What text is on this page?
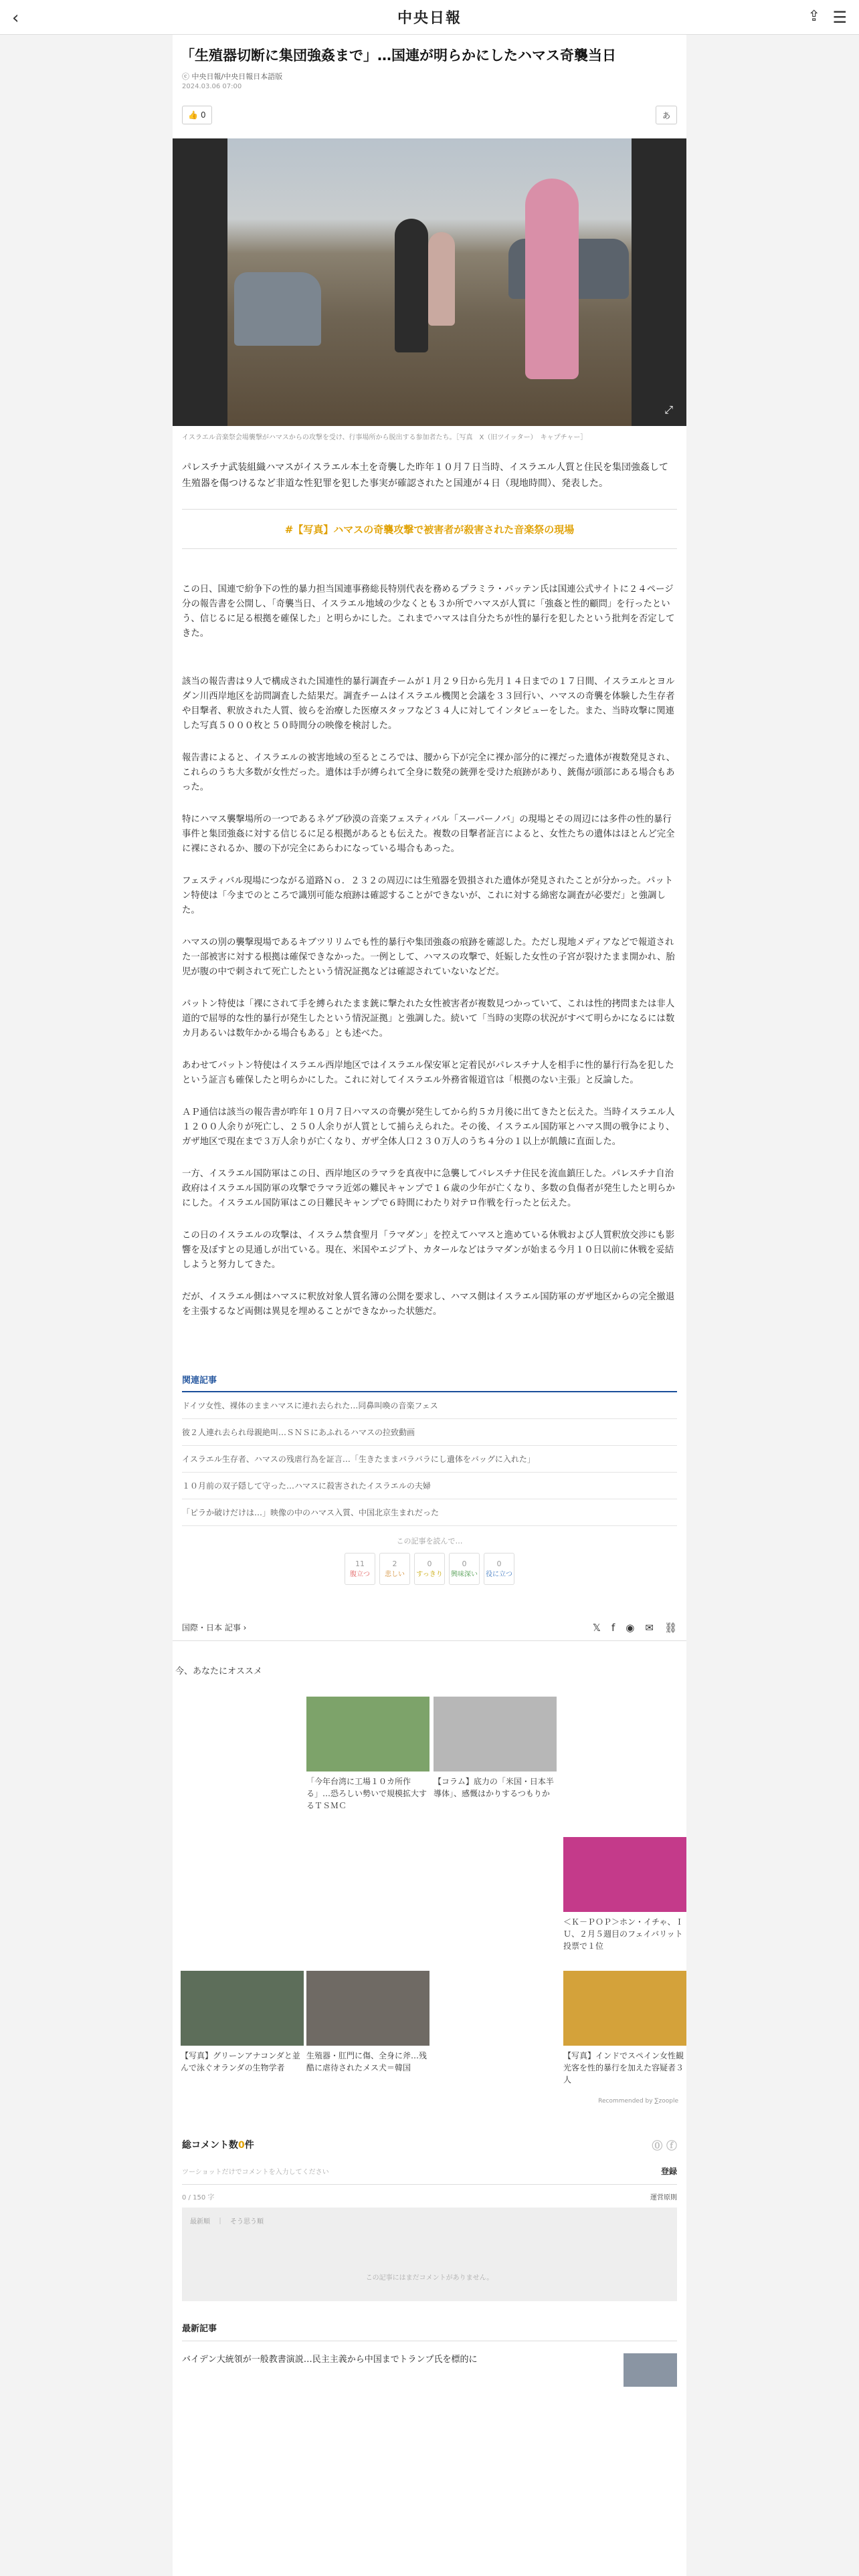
‹	中央日報	⇪ ☰
「生殖器切断に集団強姦まで」…国連が明らかにしたハマス奇襲当日
ⓒ 中央日報/中央日報日本語版
2024.03.06 07:00
👍 0	あ
⤢
イスラエル音楽祭会場襲撃がハマスからの攻撃を受け、行事場所から脱出する参加者たち。［写真　X（旧ツイッター）　キャプチャー］
パレスチナ武装組織ハマスがイスラエル本土を奇襲した昨年１０月７日当時、イスラエル人質と住民を集団強姦して生殖器を傷つけるなど非道な性犯罪を犯した事実が確認されたと国連が４日（現地時間）、発表した。
#【写真】ハマスの奇襲攻撃で被害者が殺害された音楽祭の現場

この日、国連で紛争下の性的暴力担当国連事務総長特別代表を務めるプラミラ・パッテン氏は国連公式サイトに２４ページ分の報告書を公開し、「奇襲当日、イスラエル地域の少なくとも３か所でハマスが人質に「強姦と性的顧問」を行ったという、信じるに足る根拠を確保した」と明らかにした。これまでハマスは自分たちが性的暴行を犯したという批判を否定してきた。

該当の報告書は９人で構成された国連性的暴行調査チームが１月２９日から先月１４日までの１７日間、イスラエルとヨルダン川西岸地区を訪問調査した結果だ。調査チームはイスラエル機関と会議を３３回行い、ハマスの奇襲を体験した生存者や目撃者、釈放された人質、彼らを治療した医療スタッフなど３４人に対してインタビューをした。また、当時攻撃に関連した写真５０００枚と５０時間分の映像を検討した。

報告書によると、イスラエルの被害地域の至るところでは、腰から下が完全に裸か部分的に裸だった遺体が複数発見され、これらのうち大多数が女性だった。遺体は手が縛られて全身に数発の銃弾を受けた痕跡があり、銃傷が頭部にある場合もあった。

特にハマス襲撃場所の一つであるネゲブ砂漠の音楽フェスティバル「スーパーノバ」の現場とその周辺には多件の性的暴行事件と集団強姦に対する信じるに足る根拠があるとも伝えた。複数の目撃者証言によると、女性たちの遺体はほとんど完全に裸にされるか、腰の下が完全にあらわになっている場合もあった。

フェスティバル現場につながる道路Ｎｏ．２３２の周辺には生殖器を毀損された遺体が発見されたことが分かった。パットン特使は「今までのところで識別可能な痕跡は確認することができないが、これに対する綿密な調査が必要だ」と強調した。

ハマスの別の襲撃現場であるキブツリリムでも性的暴行や集団強姦の痕跡を確認した。ただし現地メディアなどで報道された一部被害に対する根拠は確保できなかった。一例として、ハマスの攻撃で、妊娠した女性の子宮が裂けたまま開かれ、胎児が腹の中で刺されて死亡したという情況証拠などは確認されていないなどだ。

パットン特使は「裸にされて手を縛られたまま銃に撃たれた女性被害者が複数見つかっていて、これは性的拷問または非人道的で屈辱的な性的暴行が発生したという情況証拠」と強調した。続いて「当時の実際の状況がすべて明らかになるには数カ月あるいは数年かかる場合もある」とも述べた。

あわせてパットン特使はイスラエル西岸地区ではイスラエル保安軍と定着民がパレスチナ人を相手に性的暴行行為を犯したという証言も確保したと明らかにした。これに対してイスラエル外務省報道官は「根拠のない主張」と反論した。

ＡＰ通信は該当の報告書が昨年１０月７日ハマスの奇襲が発生してから約５カ月後に出てきたと伝えた。当時イスラエル人１２００人余りが死亡し、２５０人余りが人質として捕らえられた。その後、イスラエル国防軍とハマス間の戦争により、ガザ地区で現在まで３万人余りが亡くなり、ガザ全体人口２３０万人のうち４分の１以上が飢餓に直面した。

一方、イスラエル国防軍はこの日、西岸地区のラマラを真夜中に急襲してパレスチナ住民を流血鎮圧した。パレスチナ自治政府はイスラエル国防軍の攻撃でラマラ近郊の難民キャンプで１６歳の少年が亡くなり、多数の負傷者が発生したと明らかにした。イスラエル国防軍はこの日難民キャンプで６時間にわたり対テロ作戦を行ったと伝えた。

この日のイスラエルの攻撃は、イスラム禁食聖月「ラマダン」を控えてハマスと進めている休戦および人質釈放交渉にも影響を及ぼすとの見通しが出ている。現在、米国やエジプト、カタールなどはラマダンが始まる今月１０日以前に休戦を妥結しようと努力してきた。

だが、イスラエル側はハマスに釈放対象人質名簿の公開を要求し、ハマス側はイスラエル国防軍のガザ地区からの完全撤退を主張するなど両側は異見を埋めることができなかった状態だ。

関連記事
ドイツ女性、裸体のままハマスに連れ去られた…同鼻叫喚の音楽フェス
彼２人連れ去られ母親絶叫…ＳＮＳにあふれるハマスの拉致動画
イスラエル生存者、ハマスの残虐行為を証言…「生きたままバラバラにし遺体をバッグに入れた」
１０月前の双子隠して守った…ハマスに殺害されたイスラエルの夫婦
「ピラか破けだけは…」映像の中のハマス入質、中国北京生まれだった
この記事を読んで…
11
腹立つ
2
悲しい
0
すっきり
0
興味深い
0
役に立つ
国際・日本 記事 ›	𝕏 f ◉ ✉ ⛓
今、あなたにオススメ
「今年台湾に工場１０カ所作る」…恐ろしい勢いで規模拡大するＴＳＭＣ
【コラム】底力の「米国・日本半導体」、感慨はかりするつもりか
＜Ｋ－ＰＯＰ＞ホン・イチゃ、ＩＵ、２月５週目のフェイバリット投票で１位
【写真】グリーンアナコンダと並んで泳ぐオランダの生物学者
生殖器・肛門に傷、全身に斧…残酷に虐待されたメス犬＝韓国
【写真】インドでスペイン女性観光客を性的暴行を加えた容疑者３人
Recommended by ∑zoople
総コメント数0件	⓪ ⓕ
ツーショットだけでコメントを入力してください	登録
0 / 150 字	運営原則
最新順　｜　そう思う順
この記事にはまだコメントがありません。
最新記事
バイデン大統領が一般教書演説…民主主義から中国までトランプ氏を標的に
